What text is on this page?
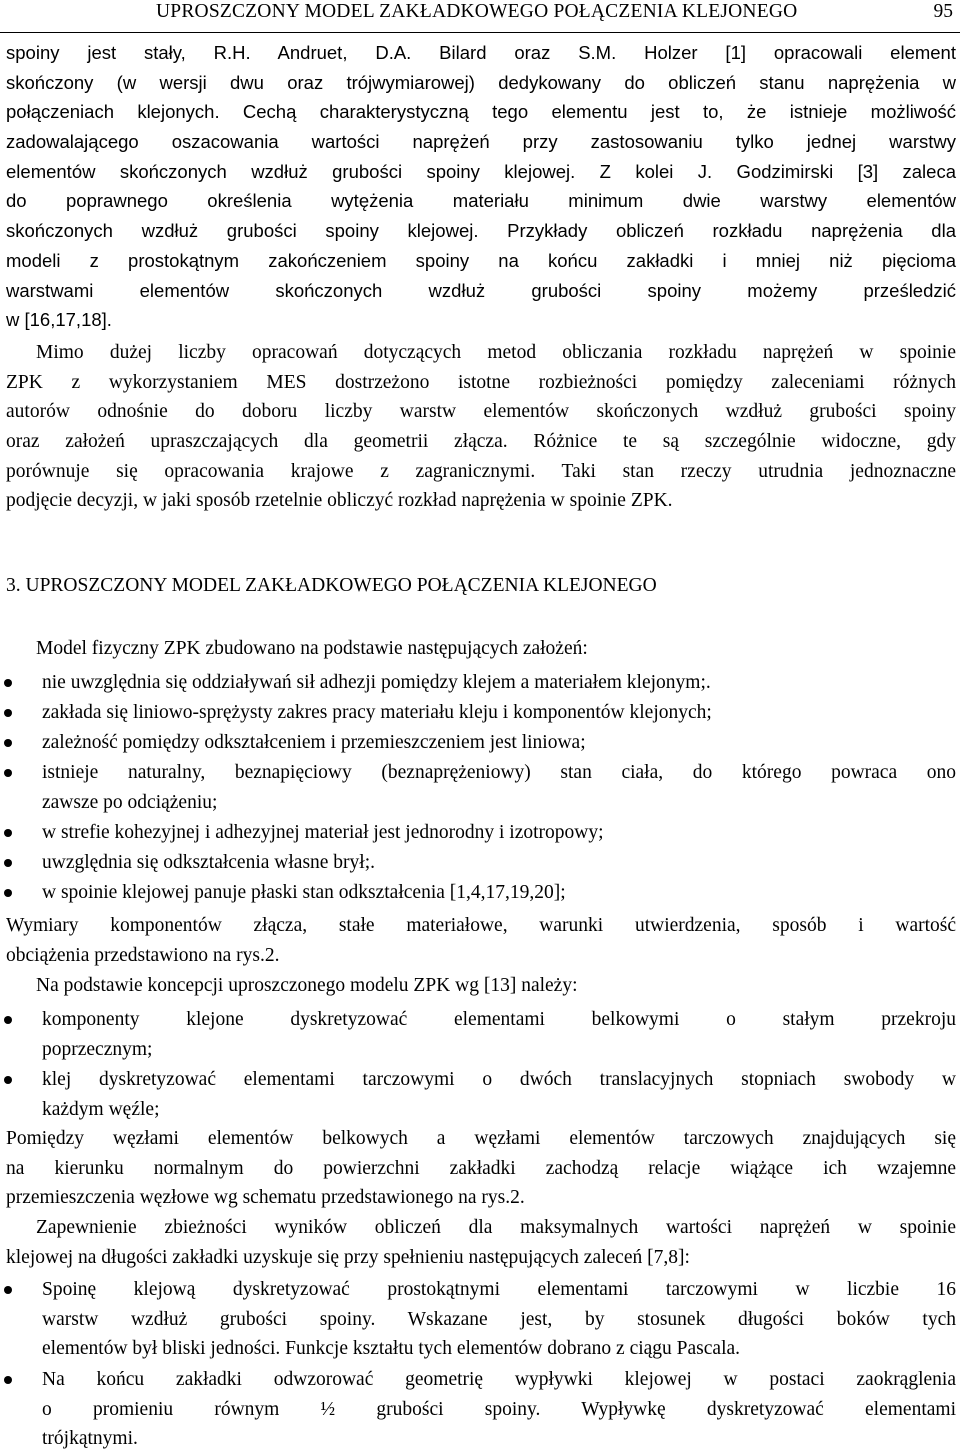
UPROSZCZONY MODEL ZAKŁADKOWEGO POŁĄCZENIA KLEJONEGO	95
spoiny jest stały, R.H. Andruet, D.A. Bilard oraz S.M. Holzer [1] opracowali element
skończony (w wersji dwu oraz trójwymiarowej) dedykowany do obliczeń stanu naprężenia w
połączeniach klejonych. Cechą charakterystyczną tego elementu jest to, że istnieje możliwość
zadowalającego oszacowania wartości naprężeń przy zastosowaniu tylko jednej warstwy
elementów skończonych wzdłuż grubości spoiny klejowej. Z kolei J. Godzimirski [3] zaleca
do poprawnego określenia wytężenia materiału minimum dwie warstwy elementów
skończonych wzdłuż grubości spoiny klejowej. Przykłady obliczeń rozkładu naprężenia dla
modeli z prostokątnym zakończeniem spoiny na końcu zakładki i mniej niż pięcioma
warstwami elementów skończonych wzdłuż grubości spoiny możemy prześledzić
w [16,17,18].
Mimo dużej liczby opracowań dotyczących metod obliczania rozkładu naprężeń w spoinie
ZPK z wykorzystaniem MES dostrzeżono istotne rozbieżności pomiędzy zaleceniami różnych
autorów odnośnie do doboru liczby warstw elementów skończonych wzdłuż grubości spoiny
oraz założeń upraszczających dla geometrii złącza. Różnice te są szczególnie widoczne, gdy
porównuje się opracowania krajowe z zagranicznymi. Taki stan rzeczy utrudnia jednoznaczne
podjęcie decyzji, w jaki sposób rzetelnie obliczyć rozkład naprężenia w spoinie ZPK.
3. UPROSZCZONY MODEL ZAKŁADKOWEGO POŁĄCZENIA KLEJONEGO
Model fizyczny ZPK zbudowano na podstawie następujących założeń:
nie uwzględnia się oddziaływań sił adhezji pomiędzy klejem a materiałem klejonym;.
zakłada się liniowo-sprężysty zakres pracy materiału kleju i komponentów klejonych;
zależność pomiędzy odkształceniem i przemieszczeniem jest liniowa;
istnieje naturalny, beznapięciowy (beznaprężeniowy) stan ciała, do którego powraca ono
zawsze po odciążeniu;
w strefie kohezyjnej i adhezyjnej materiał jest jednorodny i izotropowy;
uwzględnia się odkształcenia własne brył;.
w spoinie klejowej panuje płaski stan odkształcenia [1,4,17,19,20];
Wymiary komponentów złącza, stałe materiałowe, warunki utwierdzenia, sposób i wartość
obciążenia przedstawiono na rys.2.
Na podstawie koncepcji uproszczonego modelu ZPK wg [13] należy:
komponenty klejone dyskretyzować elementami belkowymi o stałym przekroju
poprzecznym;
klej dyskretyzować elementami tarczowymi o dwóch translacyjnych stopniach swobody w
każdym węźle;
Pomiędzy węzłami elementów belkowych a węzłami elementów tarczowych znajdujących się
na kierunku normalnym do powierzchni zakładki zachodzą relacje wiążące ich wzajemne
przemieszczenia węzłowe wg schematu przedstawionego na rys.2.
Zapewnienie zbieżności wyników obliczeń dla maksymalnych wartości naprężeń w spoinie
klejowej na długości zakładki uzyskuje się przy spełnieniu następujących zaleceń [7,8]:
Spoinę klejową dyskretyzować prostokątnymi elementami tarczowymi w liczbie 16
warstw wzdłuż grubości spoiny. Wskazane jest, by stosunek długości boków tych
elementów był bliski jedności. Funkcje kształtu tych elementów dobrano z ciągu Pascala.
Na końcu zakładki odwzorować geometrię wypływki klejowej w postaci zaokrąglenia
o promieniu równym ½ grubości spoiny. Wypływkę dyskretyzować elementami
trójkątnymi.
